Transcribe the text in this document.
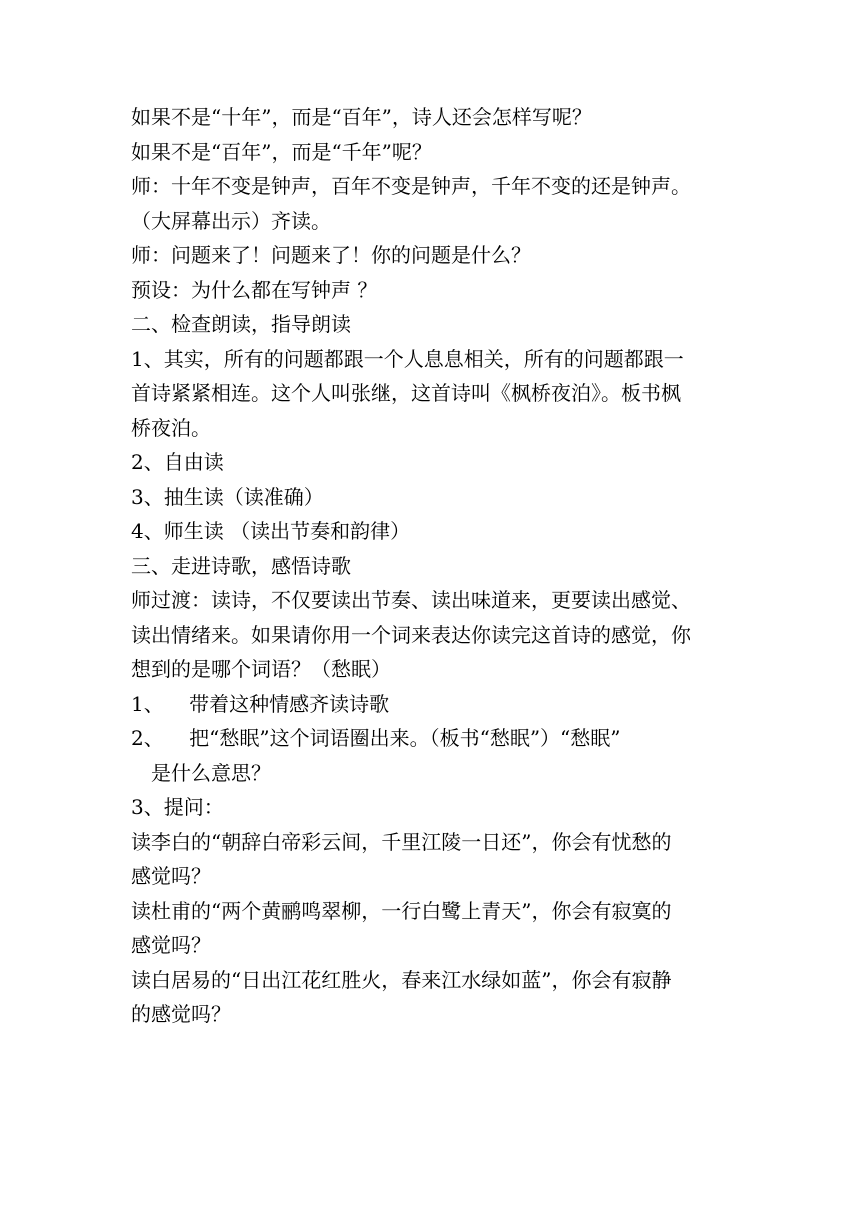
如果不是“十年”，而是“百年”，诗人还会怎样写呢？

如果不是“百年”，而是“千年”呢？

师：十年不变是钟声，百年不变是钟声，千年不变的还是钟声。

（大屏幕出示）齐读。

师：问题来了！问题来了！你的问题是什么？

预设：为什么都在写钟声 ？

二、检查朗读，指导朗读

1、其实，所有的问题都跟一个人息息相关，所有的问题都跟一

首诗紧紧相连。这个人叫张继，这首诗叫《枫桥夜泊》。板书枫

桥夜泊。

2、自由读

3、抽生读（读准确）

4、师生读 （读出节奏和韵律）

三、走进诗歌，感悟诗歌

师过渡：读诗，不仅要读出节奏、读出味道来，更要读出感觉、

读出情绪来。如果请你用一个词来表达你读完这首诗的感觉，你

想到的是哪个词语？（愁眠）

1、    带着这种情感齐读诗歌

2、    把“愁眠”这个词语圈出来。（板书“愁眠”）“愁眠”

是什么意思？

3、提问：

读李白的“朝辞白帝彩云间，千里江陵一日还”，你会有忧愁的

感觉吗？

读杜甫的“两个黄鹂鸣翠柳，一行白鹭上青天”，你会有寂寞的

感觉吗？

读白居易的“日出江花红胜火，春来江水绿如蓝”，你会有寂静

的感觉吗？
